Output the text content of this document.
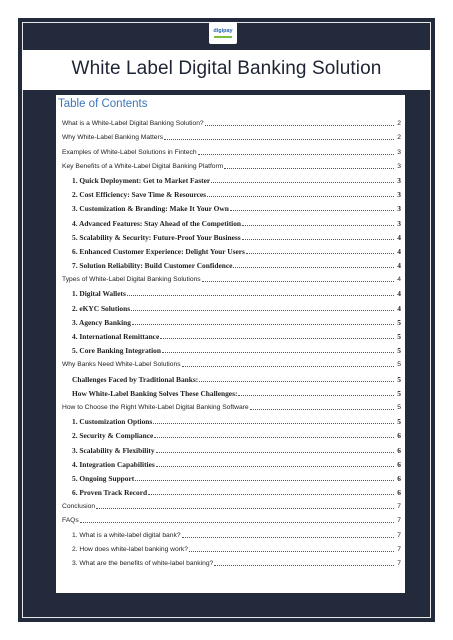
digipay
White Label Digital Banking Solution
Table of Contents
What is a White-Label Digital Banking Solution?	2
Why White-Label Banking Matters	2
Examples of White-Label Solutions in Fintech	3
Key Benefits of a White-Label Digital Banking Platform	3
1. Quick Deployment: Get to Market Faster	3
2. Cost Efficiency: Save Time & Resources	3
3. Customization & Branding: Make It Your Own	3
4. Advanced Features: Stay Ahead of the Competition	3
5. Scalability & Security: Future-Proof Your Business	4
6. Enhanced Customer Experience: Delight Your Users	4
7. Solution Reliability: Build Customer Confidence	4
Types of White-Label Digital Banking Solutions	4
1. Digital Wallets	4
2. eKYC Solutions	4
3. Agency Banking	5
4. International Remittance	5
5. Core Banking Integration	5
Why Banks Need White-Label Solutions	5
Challenges Faced by Traditional Banks:	5
How White-Label Banking Solves These Challenges:	5
How to Choose the Right White-Label Digital Banking Software	5
1. Customization Options	5
2. Security & Compliance	6
3. Scalability & Flexibility	6
4. Integration Capabilities	6
5. Ongoing Support	6
6. Proven Track Record	6
Conclusion	7
FAQs	7
1. What is a white-label digital bank?	7
2. How does white-label banking work?	7
3. What are the benefits of white-label banking?	7
